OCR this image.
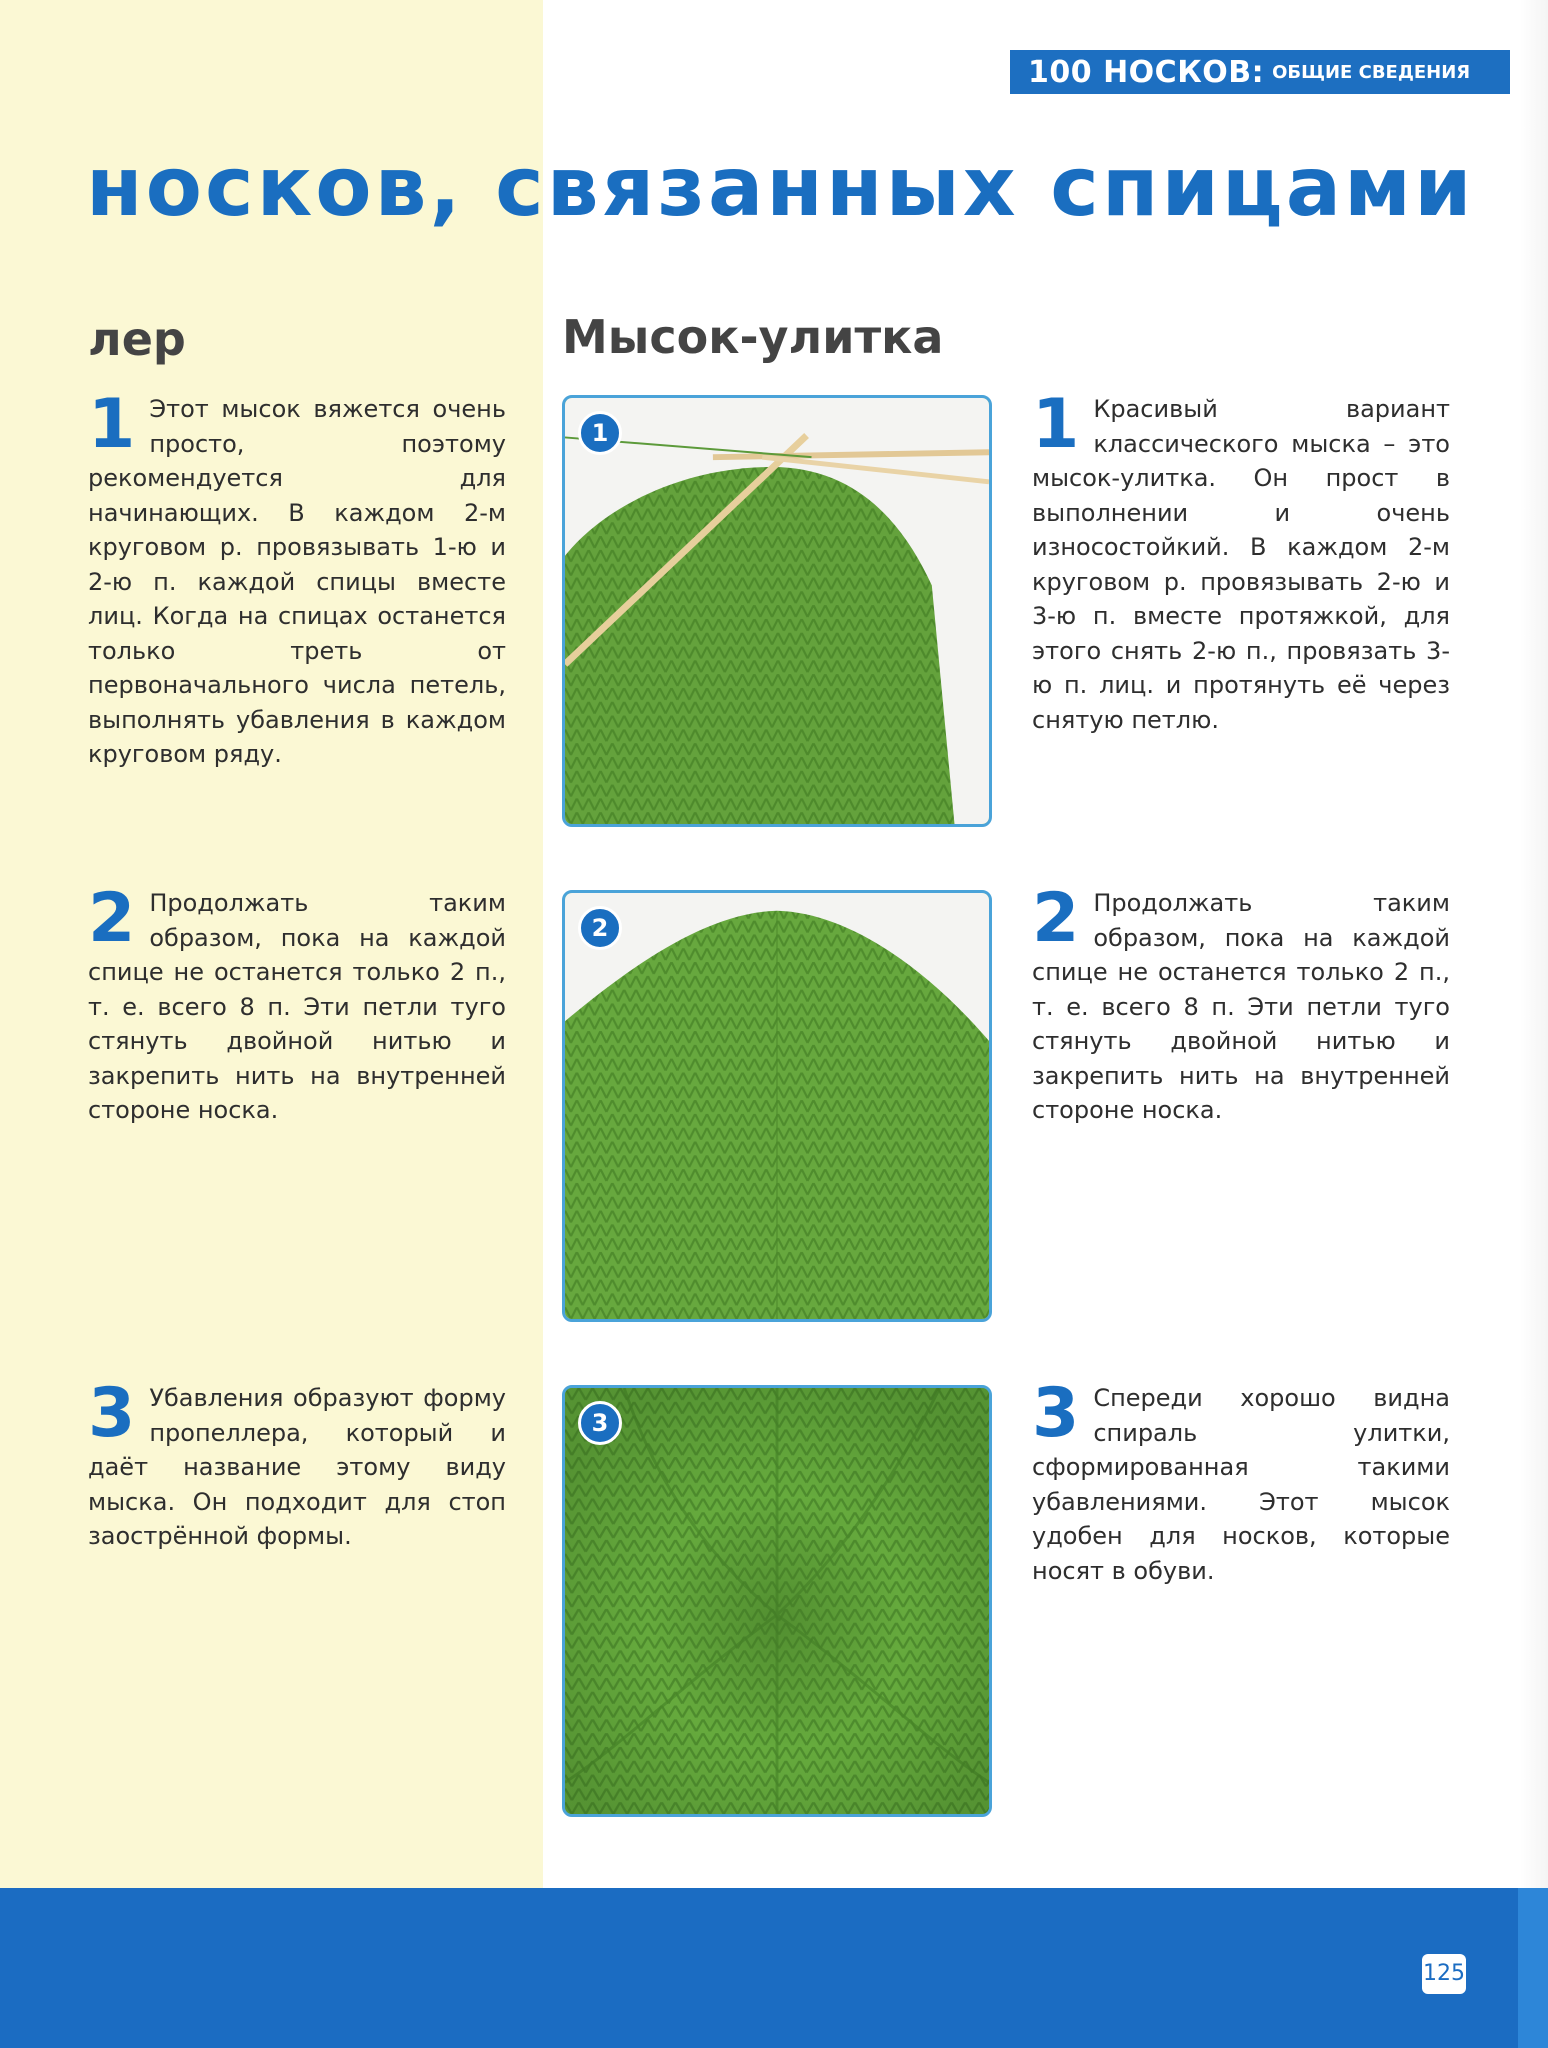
100 НОСКОВ: ОБЩИЕ СВЕДЕНИЯ
носков, связанных спицами
лер	Мысок-улитка
1 Этот мысок вяжется очень просто, поэтому рекомендуется для начинающих. В каждом 2-м круговом р. провязывать 1-ю и 2-ю п. каждой спицы вместе лиц. Когда на спицах останется только треть от первоначального числа петель, выполнять убавления в каждом круговом ряду.
2 Продолжать таким образом, пока на каждой спице не останется только 2 п., т. е. всего 8 п. Эти петли туго стянуть двойной нитью и закрепить нить на внутренней стороне носка.
3 Убавления образуют форму пропеллера, который и даёт название этому виду мыска. Он подходит для стоп заострённой формы.
1
2
3
1 Красивый вариант классического мыска – это мысок-улитка. Он прост в выполнении и очень износостойкий. В каждом 2-м круговом р. провязывать 2-ю и 3-ю п. вместе протяжкой, для этого снять 2-ю п., провязать 3-ю п. лиц. и протянуть её через снятую петлю.
2 Продолжать таким образом, пока на каждой спице не останется только 2 п., т. е. всего 8 п. Эти петли туго стянуть двойной нитью и закрепить нить на внутренней стороне носка.
3 Спереди хорошо видна спираль улитки, сформированная такими убавлениями. Этот мысок удобен для носков, которые носят в обуви.
125
